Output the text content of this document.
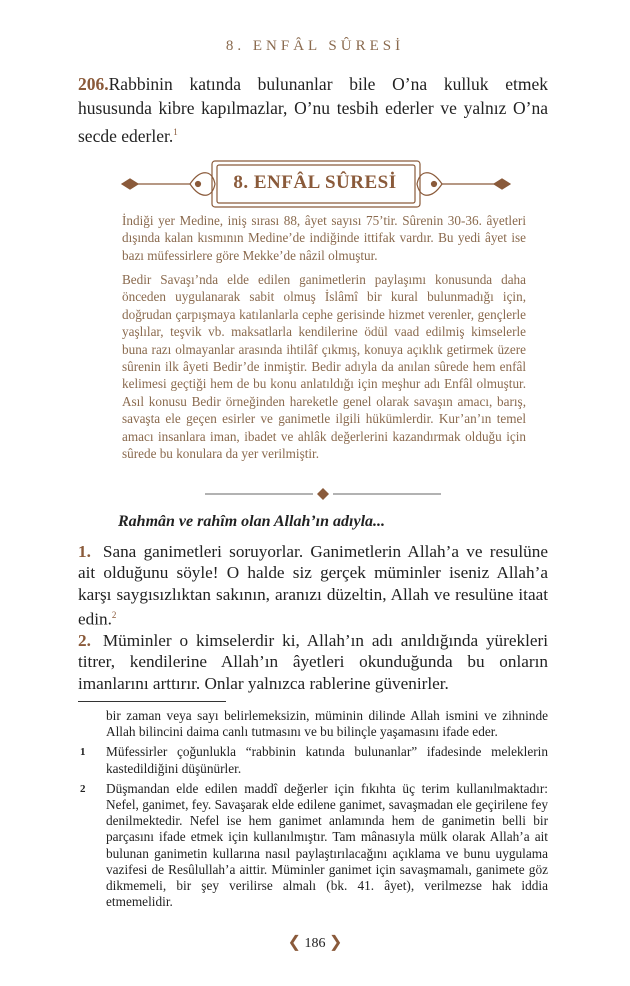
8. ENFÂL SÛRESİ
206.Rabbinin katında bulunanlar bile O’na kulluk etmek hususunda kibre kapılmazlar, O’nu tesbih ederler ve yalnız O’na secde ederler.$^1$
8. ENFÂL SÛRESİ
İndiği yer Medine, iniş sırası 88, âyet sayısı 75’tir. Sûrenin 30-36. âyetleri dışında kalan kısmının Medine’de indiğinde ittifak vardır. Bu yedi âyet ise bazı müfessirlere göre Mekke’de nâzil olmuştur.
Bedir Savaşı’nda elde edilen ganimetlerin paylaşımı konusunda daha önceden uygulanarak sabit olmuş İslâmî bir kural bulunmadığı için, doğrudan çarpışmaya katılanlarla cephe gerisinde hizmet verenler, gençlerle yaşlılar, teşvik vb. maksatlarla kendilerine ödül vaad edilmiş kimselerle buna razı olmayanlar arasında ihtilâf çıkmış, konuya açıklık getirmek üzere sûrenin ilk âyeti Bedir’de inmiştir. Bedir adıyla da anılan sûrede hem enfâl kelimesi geçtiği hem de bu konu anlatıldığı için meşhur adı Enfâl olmuştur. Asıl konusu Bedir örneğinden hareketle genel olarak savaşın amacı, barış, savaşta ele geçen esirler ve ganimetle ilgili hükümlerdir. Kur’an’ın temel amacı insanlara iman, ibadet ve ahlâk değerlerini kazandırmak olduğu için sûrede bu konulara da yer verilmiştir.
Rahmân ve rahîm olan Allah’ın adıyla...

1. Sana ganimetleri soruyorlar. Ganimetlerin Allah’a ve resulüne ait olduğunu söyle! O halde siz gerçek müminler iseniz Allah’a karşı saygısızlıktan sakının, aranızı düzeltin, Allah ve resulüne itaat edin.$^2$

2. Müminler o kimselerdir ki, Allah’ın adı anıldığında yürekleri titrer, kendilerine Allah’ın âyetleri okunduğunda bu onların imanlarını arttırır. Onlar yalnızca rablerine güvenirler.

bir zaman veya sayı belirlemeksizin, müminin dilinde Allah ismini ve zihninde Allah bilincini daima canlı tutmasını ve bu bilinçle yaşamasını ifade eder.
1 Müfessirler çoğunlukla “rabbinin katında bulunanlar” ifadesinde meleklerin kastedildiğini düşünürler.
2 Düşmandan elde edilen maddî değerler için fıkıhta üç terim kullanılmaktadır: Nefel, ganimet, fey. Savaşarak elde edilene ganimet, savaşmadan ele geçirilene fey denilmektedir. Nefel ise hem ganimet anlamında hem de ganimetin belli bir parçasını ifade etmek için kullanılmıştır. Tam mânasıyla mülk olarak Allah’a ait bulunan ganimetin kullarına nasıl paylaştırılacağını açıklama ve bunu uygulama vazifesi de Resûlullah’a aittir. Müminler ganimet için savaşmamalı, ganimete göz dikmemeli, bir şey verilirse almalı (bk. 41. âyet), verilmezse hak iddia etmemelidir.
❮ 186 ❯
